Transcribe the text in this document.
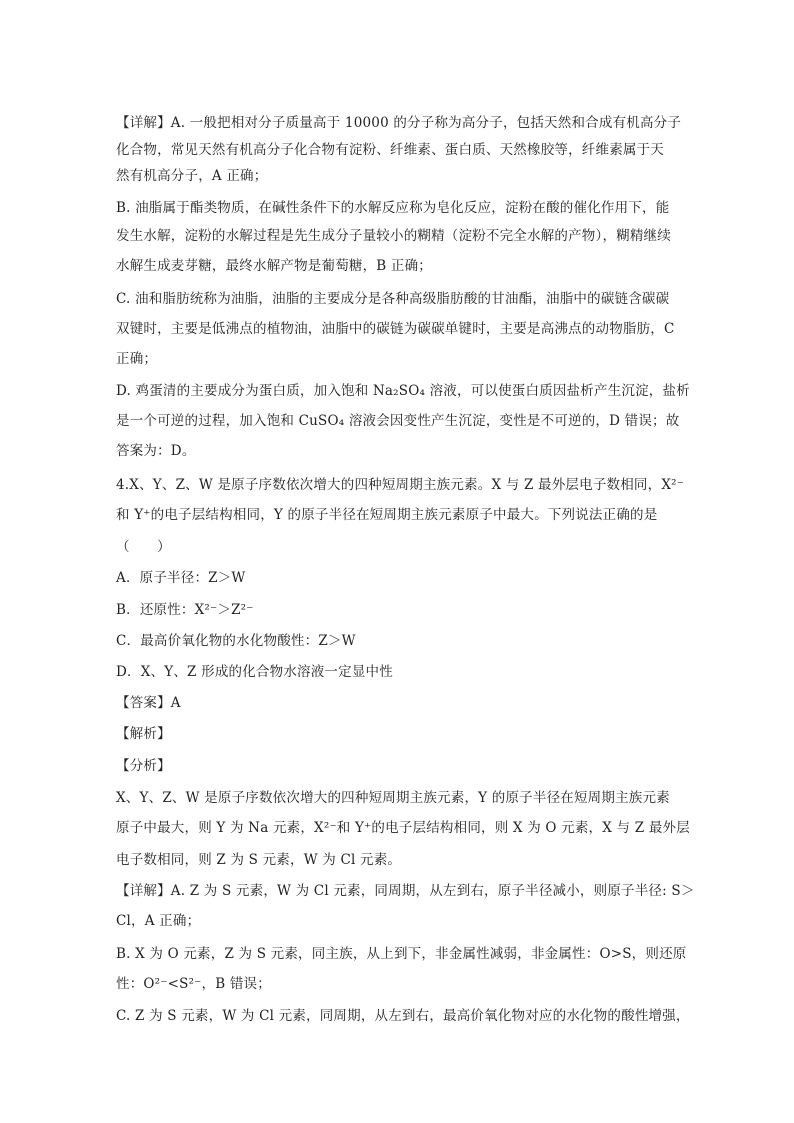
【详解】A. 一般把相对分子质量高于 10000 的分子称为高分子，包括天然和合成有机高分子
化合物，常见天然有机高分子化合物有淀粉、纤维素、蛋白质、天然橡胶等，纤维素属于天
然有机高分子，A 正确；
B. 油脂属于酯类物质，在碱性条件下的水解反应称为皂化反应，淀粉在酸的催化作用下，能
发生水解，淀粉的水解过程是先生成分子量较小的糊精（淀粉不完全水解的产物），糊精继续
水解生成麦芽糖，最终水解产物是葡萄糖，B 正确；
C. 油和脂肪统称为油脂，油脂的主要成分是各种高级脂肪酸的甘油酯，油脂中的碳链含碳碳
双键时，主要是低沸点的植物油，油脂中的碳链为碳碳单键时，主要是高沸点的动物脂肪，C
正确；
D. 鸡蛋清的主要成分为蛋白质，加入饱和 Na₂SO₄ 溶液，可以使蛋白质因盐析产生沉淀，盐析
是一个可逆的过程，加入饱和 CuSO₄ 溶液会因变性产生沉淀，变性是不可逆的，D 错误；故
答案为：D。
4.X、Y、Z、W 是原子序数依次增大的四种短周期主族元素。X 与 Z 最外层电子数相同，X²⁻
和 Y⁺的电子层结构相同，Y 的原子半径在短周期主族元素原子中最大。下列说法正确的是
（　　）
A．原子半径：Z＞W
B．还原性：X²⁻＞Z²⁻
C．最高价氧化物的水化物酸性：Z＞W
D．X、Y、Z 形成的化合物水溶液一定显中性
【答案】A
【解析】
【分析】
X、Y、Z、W 是原子序数依次增大的四种短周期主族元素，Y 的原子半径在短周期主族元素
原子中最大，则 Y 为 Na 元素，X²⁻和 Y⁺的电子层结构相同，则 X 为 O 元素，X 与 Z 最外层
电子数相同，则 Z 为 S 元素，W 为 Cl 元素。
【详解】A. Z 为 S 元素，W 为 Cl 元素，同周期，从左到右，原子半径减小，则原子半径: S＞
Cl，A 正确；
B. X 为 O 元素，Z 为 S 元素，同主族，从上到下，非金属性减弱，非金属性：O>S，则还原
性：O²⁻<S²⁻，B 错误；
C. Z 为 S 元素，W 为 Cl 元素，同周期，从左到右，最高价氧化物对应的水化物的酸性增强，
